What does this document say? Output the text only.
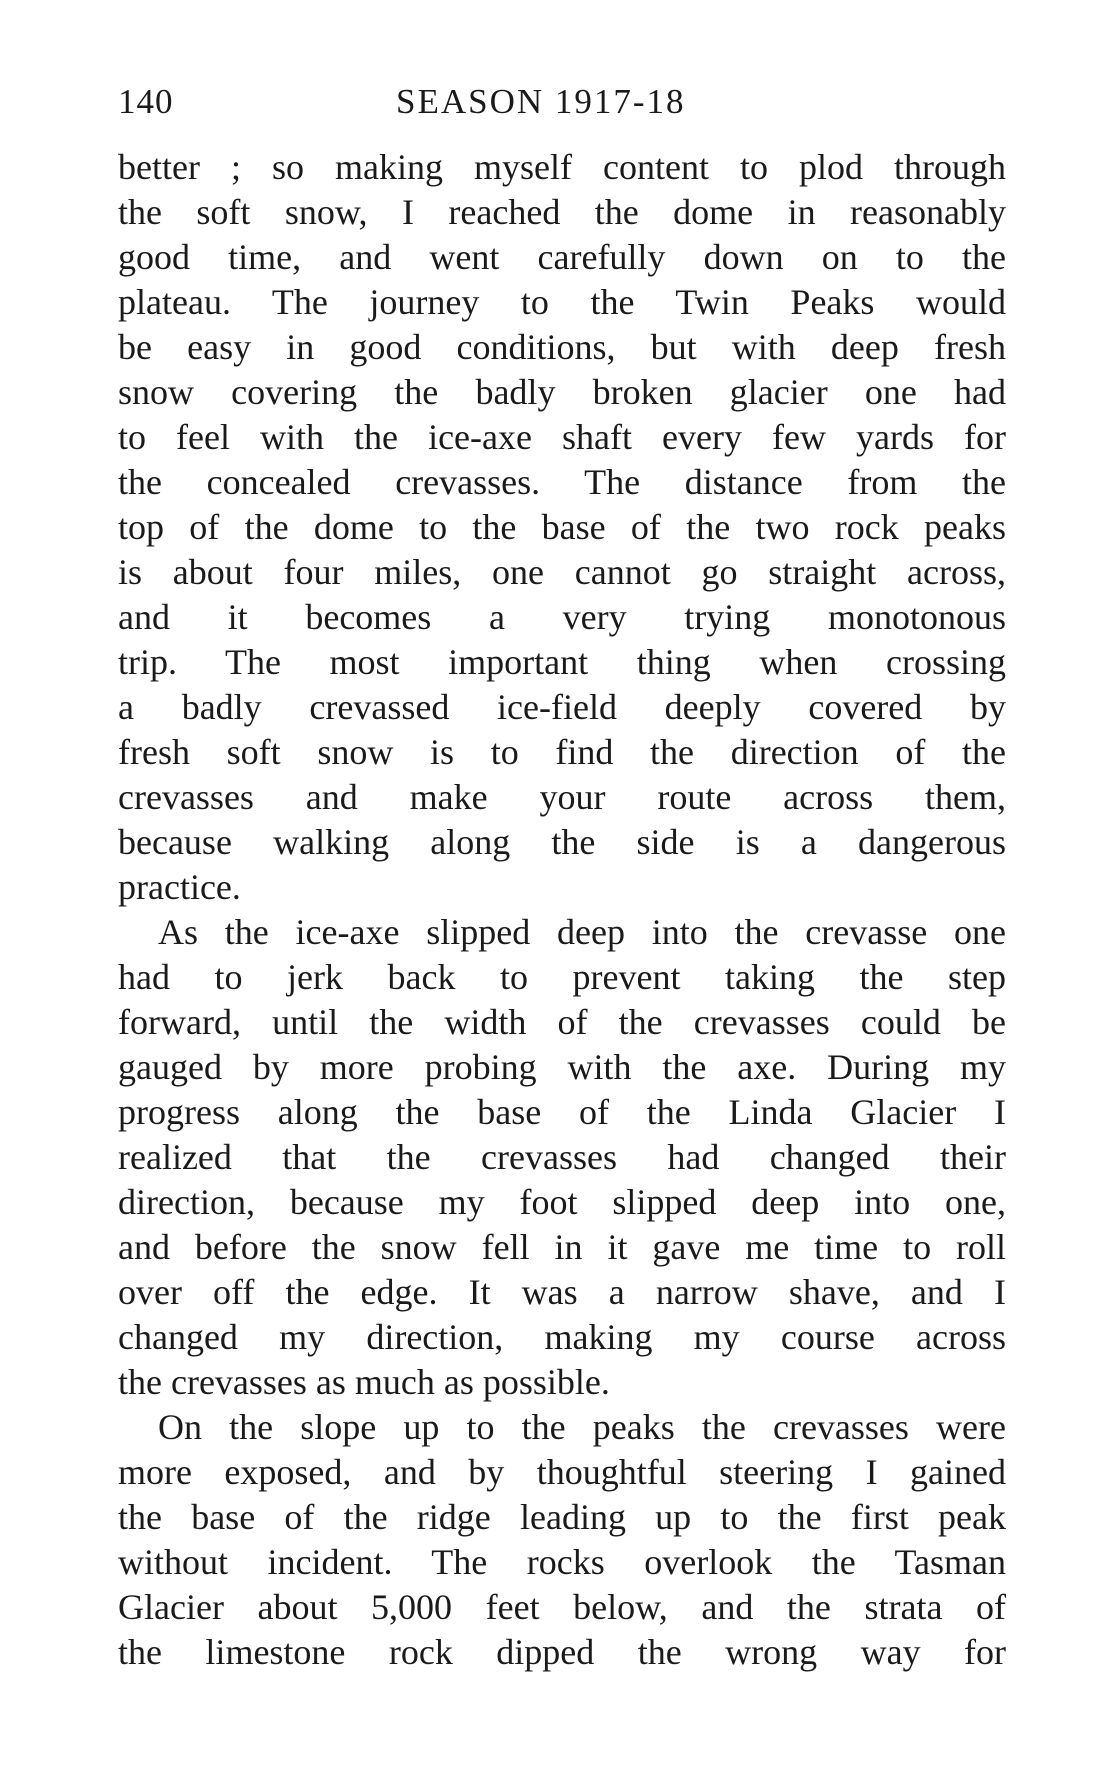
140	SEASON 1917-18
better ; so making myself content to plod through
the soft snow, I reached the dome in reasonably
good time, and went carefully down on to the
plateau. The journey to the Twin Peaks would
be easy in good conditions, but with deep fresh
snow covering the badly broken glacier one had
to feel with the ice-axe shaft every few yards for
the concealed crevasses. The distance from the
top of the dome to the base of the two rock peaks
is about four miles, one cannot go straight across,
and it becomes a very trying monotonous
trip. The most important thing when crossing
a badly crevassed ice-field deeply covered by
fresh soft snow is to find the direction of the
crevasses and make your route across them,
because walking along the side is a dangerous
practice.
As the ice-axe slipped deep into the crevasse one
had to jerk back to prevent taking the step
forward, until the width of the crevasses could be
gauged by more probing with the axe. During my
progress along the base of the Linda Glacier I
realized that the crevasses had changed their
direction, because my foot slipped deep into one,
and before the snow fell in it gave me time to roll
over off the edge. It was a narrow shave, and I
changed my direction, making my course across
the crevasses as much as possible.
On the slope up to the peaks the crevasses were
more exposed, and by thoughtful steering I gained
the base of the ridge leading up to the first peak
without incident. The rocks overlook the Tasman
Glacier about 5,000 feet below, and the strata of
the limestone rock dipped the wrong way for
